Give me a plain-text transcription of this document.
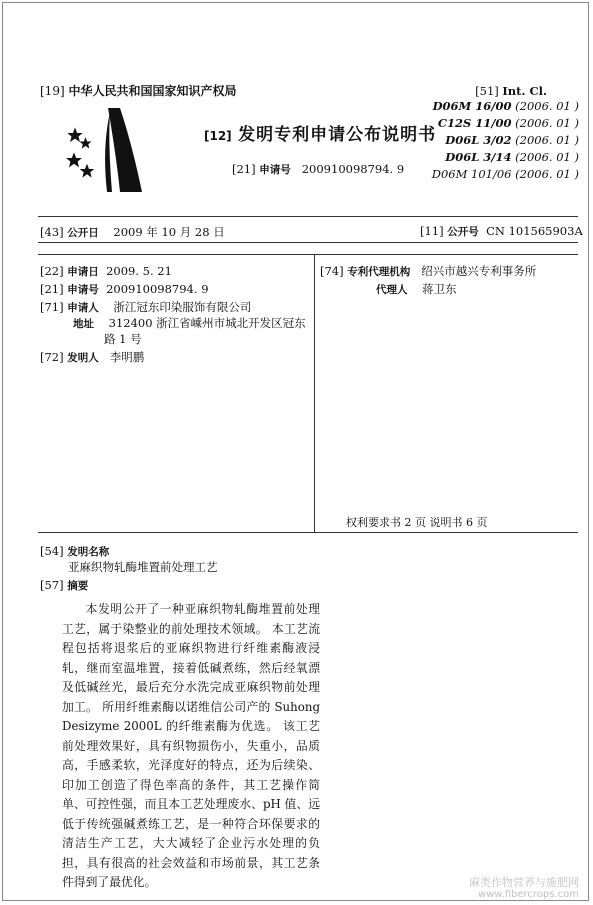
[19] 中华人民共和国国家知识产权局
[12] 发明专利申请公布说明书
[21] 申请号 200910098794. 9
[51] Int. Cl.
D06M 16/00 (2006. 01 )
C12S 11/00 (2006. 01 )
D06L 3/02 (2006. 01 )
D06L 3/14 (2006. 01 )
D06M 101/06 (2006. 01 )
[43] 公开日 2009 年 10 月 28 日	[11] 公开号 CN 101565903A
[22] 申请日 2009. 5. 21
[21] 申请号 200910098794. 9
[71] 申请人 浙江冠东印染服饰有限公司
地址 312400 浙江省嵊州市城北开发区冠东
路 1 号
[72] 发明人 李明鹏
[74] 专利代理机构 绍兴市越兴专利事务所
代理人 蒋卫东
权利要求书 2 页 说明书 6 页
[54] 发明名称
亚麻织物轧酶堆置前处理工艺
[57] 摘要

本发明公开了一种亚麻织物轧酶堆置前处理工艺，属于染整业的前处理技术领域。 本工艺流程包括将退浆后的亚麻织物进行纤维素酶液浸轧，继而室温堆置，接着低碱煮练，然后经氧漂及低碱丝光，最后充分水洗完成亚麻织物前处理加工。 所用纤维素酶以诺维信公司产的 Suhong Desizyme 2000L 的纤维素酶为优选。 该工艺前处理效果好，具有织物损伤小，失重小，品质高，手感柔软，光泽度好的特点，还为后续染、印加工创造了得色率高的条件，其工艺操作简单、可控性强，而且本工艺处理废水、pH 值、远低于传统强碱煮练工艺，是一种符合环保要求的清洁生产工艺，大大减轻了企业污水处理的负担，具有很高的社会效益和市场前景，其工艺条件得到了最优化。	麻类作物营养与施肥网
www.fibercrops.com
